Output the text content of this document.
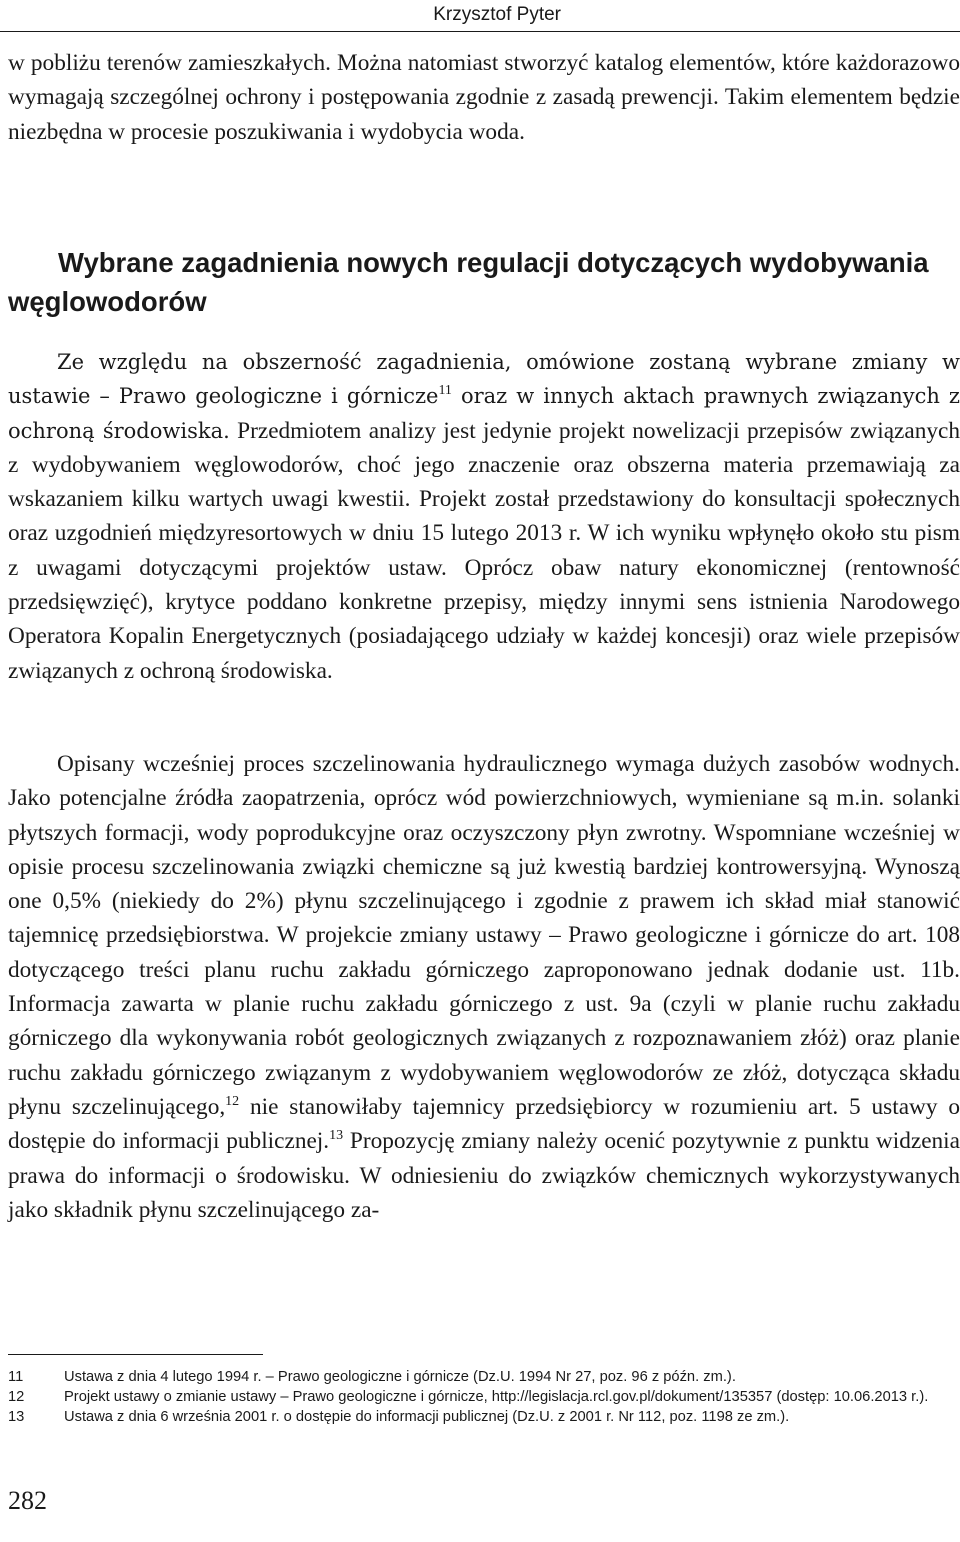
Krzysztof Pyter

w pobliżu terenów zamieszkałych. Można natomiast stworzyć katalog elementów, które każdorazowo wymagają szczególnej ochrony i postępowania zgodnie z zasadą prewencji. Takim elementem będzie niezbędna w procesie poszukiwania i wydobycia woda.

Wybrane zagadnienia nowych regulacji dotyczących wydobywania węglowodorów

Ze względu na obszerność zagadnienia, omówione zostaną wybrane zmiany w ustawie – Prawo geologiczne i górnicze$^{11}$ oraz w innych aktach prawnych związanych z ochroną środowiska. Przedmiotem analizy jest jedynie projekt nowelizacji przepisów związanych z wydobywaniem węglowodorów, choć jego znaczenie oraz obszerna materia przemawiają za wskazaniem kilku wartych uwagi kwestii. Projekt został przedstawiony do konsultacji społecznych oraz uzgodnień międzyresortowych w dniu 15 lutego 2013 r. W ich wyniku wpłynęło około stu pism z uwagami dotyczącymi projektów ustaw. Oprócz obaw natury ekonomicznej (rentowność przedsięwzięć), krytyce poddano konkretne przepisy, między innymi sens istnienia Narodowego Operatora Kopalin Energetycznych (posiadającego udziały w każdej koncesji) oraz wiele przepisów związanych z ochroną środowiska.

Opisany wcześniej proces szczelinowania hydraulicznego wymaga dużych zasobów wodnych. Jako potencjalne źródła zaopatrzenia, oprócz wód powierzchniowych, wymieniane są m.in. solanki płytszych formacji, wody poprodukcyjne oraz oczyszczony płyn zwrotny. Wspomniane wcześniej w opisie procesu szczelinowania związki chemiczne są już kwestią bardziej kontrowersyjną. Wynoszą one 0,5% (niekiedy do 2%) płynu szczelinującego i zgodnie z prawem ich skład miał stanowić tajemnicę przedsiębiorstwa. W projekcie zmiany ustawy – Prawo geologiczne i górnicze do art. 108 dotyczącego treści planu ruchu zakładu górniczego zaproponowano jednak dodanie ust. 11b. Informacja zawarta w planie ruchu zakładu górniczego z ust. 9a (czyli w planie ruchu zakładu górniczego dla wykonywania robót geologicznych związanych z rozpoznawaniem złóż) oraz planie ruchu zakładu górniczego związanym z wydobywaniem węglowodorów ze złóż, dotycząca składu płynu szczelinującego,$^{12}$ nie stanowiłaby tajemnicy przedsiębiorcy w rozumieniu art. 5 ustawy o dostępie do informacji publicznej.$^{13}$ Propozycję zmiany należy ocenić pozytywnie z punktu widzenia prawa do informacji o środowisku. W odniesieniu do związków chemicznych wykorzystywanych jako składnik płynu szczelinującego za-

11	Ustawa z dnia 4 lutego 1994 r. – Prawo geologiczne i górnicze (Dz.U. 1994 Nr 27, poz. 96 z późn. zm.).
12	Projekt ustawy o zmianie ustawy – Prawo geologiczne i górnicze, http://legislacja.rcl.gov.pl/dokument/135357 (dostęp: 10.06.2013 r.).
13	Ustawa z dnia 6 września 2001 r. o dostępie do informacji publicznej (Dz.U. z 2001 r. Nr 112, poz. 1198 ze zm.).
282
